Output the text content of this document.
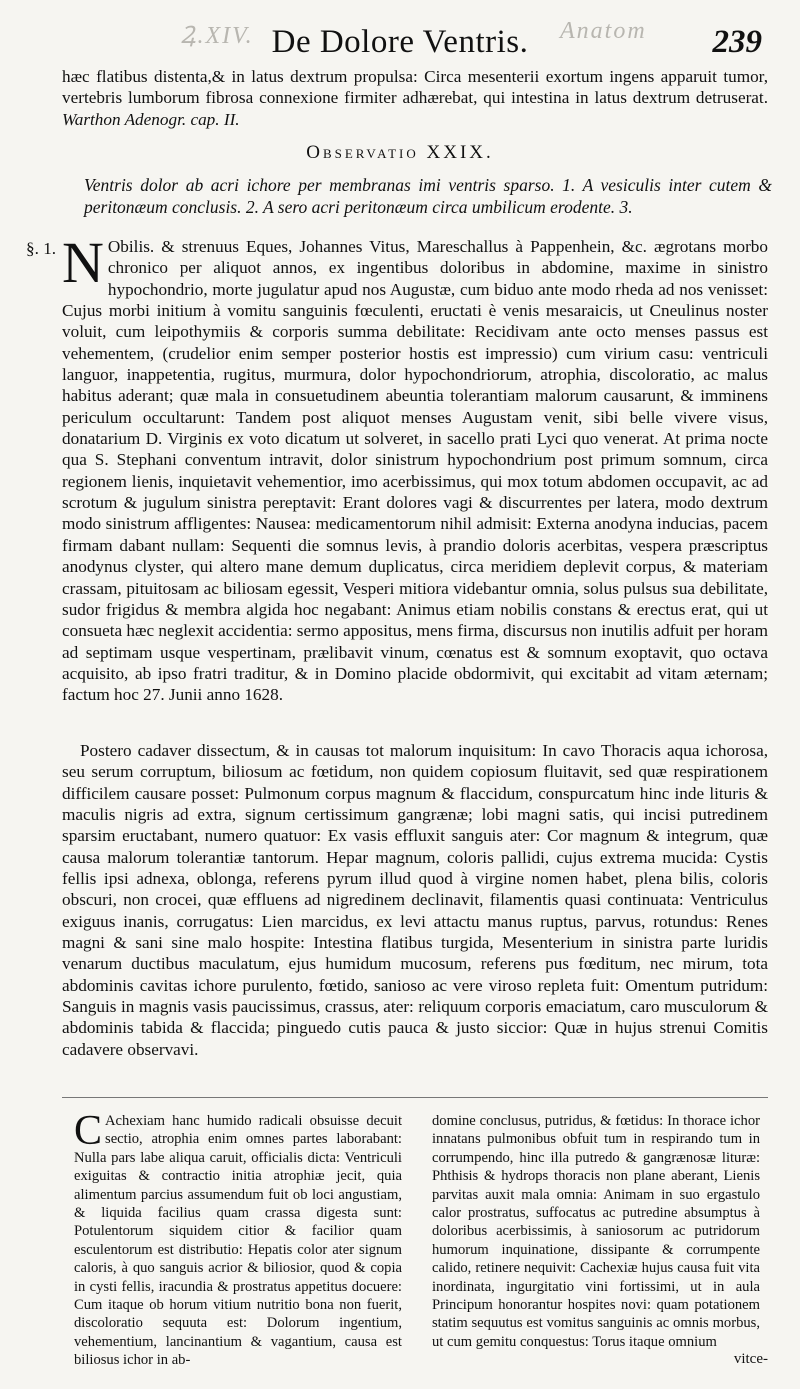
Ꝝ.XIV.	Anatom
De Dolore Ventris.	239
hæc flatibus distenta,& in latus dextrum propulsa: Circa mesenterii exortum ingens apparuit tumor, vertebris lumborum fibrosa connexione firmiter adhærebat, qui intestina in latus dextrum detruserat. Warthon Adenogr. cap. II.
Observatio XXIX.
Ventris dolor ab acri ichore per membranas imi ventris sparso. 1. A vesiculis inter cutem & peritonæum conclusis. 2. A sero acri peritonæum circa umbilicum erodente. 3.
§. 1. N Obilis. & strenuus Eques, Johannes Vitus, Mareschallus à Pappenhein, &c. ægrotans morbo chronico per aliquot annos, ex ingentibus doloribus in abdomine, maxime in sinistro hypochondrio, morte jugulatur apud nos Augustæ, cum biduo ante modo rheda ad nos venisset: Cujus morbi initium à vomitu sanguinis fœculenti, eructati è venis mesaraicis, ut Cneulinus noster voluit, cum leipothymiis & corporis summa debilitate: Recidivam ante octo menses passus est vehementem, (crudelior enim semper posterior hostis est impressio) cum virium casu: ventriculi languor, inappetentia, rugitus, murmura, dolor hypochondriorum, atrophia, discoloratio, ac malus habitus aderant; quæ mala in consuetudinem abeuntia tolerantiam malorum causarunt, & imminens periculum occultarunt: Tandem post aliquot menses Augustam venit, sibi belle vivere visus, donatarium D. Virginis ex voto dicatum ut solveret, in sacello prati Lyci quo venerat. At prima nocte qua S. Stephani conventum intravit, dolor sinistrum hypochondrium post primum somnum, circa regionem lienis, inquietavit vehementior, imo acerbissimus, qui mox totum abdomen occupavit, ac ad scrotum & jugulum sinistra pereptavit: Erant dolores vagi & discurrentes per latera, modo dextrum modo sinistrum affligentes: Nausea: medicamentorum nihil admisit: Externa anodyna inducias, pacem firmam dabant nullam: Sequenti die somnus levis, à prandio doloris acerbitas, vespera præscriptus anodynus clyster, qui altero mane demum duplicatus, circa meridiem deplevit corpus, & materiam crassam, pituitosam ac biliosam egessit, Vesperi mitiora videbantur omnia, solus pulsus sua debilitate, sudor frigidus & membra algida hoc negabant: Animus etiam nobilis constans & erectus erat, qui ut consueta hæc neglexit accidentia: sermo appositus, mens firma, discursus non inutilis adfuit per horam ad septimam usque vespertinam, prælibavit vinum, cœnatus est & somnum exoptavit, quo octava acquisito, ab ipso fratri traditur, & in Domino placide obdormivit, qui excitabit ad vitam æternam; factum hoc 27. Junii anno 1628.
Postero cadaver dissectum, & in causas tot malorum inquisitum: In cavo Thoracis aqua ichorosa, seu serum corruptum, biliosum ac fœtidum, non quidem copiosum fluitavit, sed quæ respirationem difficilem causare posset: Pulmonum corpus magnum & flaccidum, conspurcatum hinc inde lituris & maculis nigris ad extra, signum certissimum gangrænæ; lobi magni satis, qui incisi putredinem sparsim eructabant, numero quatuor: Ex vasis effluxit sanguis ater: Cor magnum & integrum, quæ causa malorum tolerantiæ tantorum. Hepar magnum, coloris pallidi, cujus extrema mucida: Cystis fellis ipsi adnexa, oblonga, referens pyrum illud quod à virgine nomen habet, plena bilis, coloris obscuri, non crocei, quæ effluens ad nigredinem declinavit, filamentis quasi continuata: Ventriculus exiguus inanis, corrugatus: Lien marcidus, ex levi attactu manus ruptus, parvus, rotundus: Renes magni & sani sine malo hospite: Intestina flatibus turgida, Mesenterium in sinistra parte luridis venarum ductibus maculatum, ejus humidum mucosum, referens pus fœditum, nec mirum, tota abdominis cavitas ichore purulento, fœtido, sanioso ac vere viroso repleta fuit: Omentum putridum: Sanguis in magnis vasis paucissimus, crassus, ater: reliquum corporis emaciatum, caro musculorum & abdominis tabida & flaccida; pinguedo cutis pauca & justo siccior: Quæ in hujus strenui Comitis cadavere observavi.
C Achexiam hanc humido radicali obsuisse decuit sectio, atrophia enim omnes partes laborabant: Nulla pars labe aliqua caruit, officialis dicta: Ventriculi exiguitas & contractio initia atrophiæ jecit, quia alimentum parcius assumendum fuit ob loci angustiam, & liquida facilius quam crassa digesta sunt: Potulentorum siquidem citior & facilior quam esculentorum est distributio: Hepatis color ater signum caloris, à quo sanguis acrior & biliosior, quod & copia in cysti fellis, iracundia & prostratus appetitus docuere: Cum itaque ob horum vitium nutritio bona non fuerit, discoloratio sequuta est: Dolorum ingentium, vehementium, lancinantium & vagantium, causa est biliosus ichor in ab-
domine conclusus, putridus, & fœtidus: In thorace ichor innatans pulmonibus obfuit tum in respirando tum in corrumpendo, hinc illa putredo & gangrænosæ lituræ: Phthisis & hydrops thoracis non plane aberant, Lienis parvitas auxit mala omnia: Animam in suo ergastulo calor prostratus, suffocatus ac putredine absumptus à doloribus acerbissimis, à saniosorum ac putridorum humorum inquinatione, dissipante & corrumpente calido, retinere nequivit: Cachexiæ hujus causa fuit vita inordinata, ingurgitatio vini fortissimi, ut in aula Principum honorantur hospites novi: quam potationem statim sequutus est vomitus sanguinis ac omnis morbus, ut cum gemitu conquestus: Torus itaque omnium
vitce-
